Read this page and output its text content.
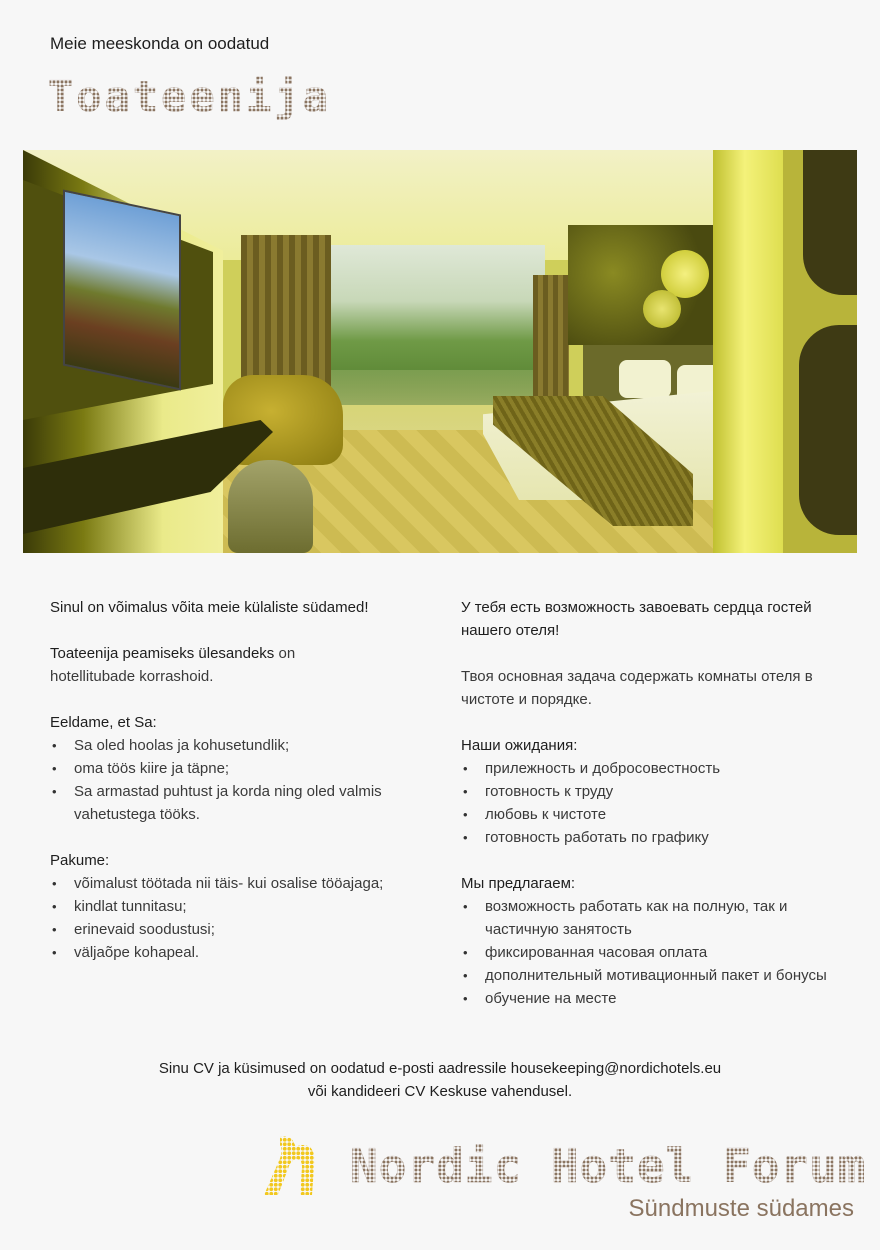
Meie meeskonda on oodatud
Toateenija

Sinul on võimalus võita meie külaliste südamed!

Toateenija peamiseks ülesandeks on
hotellitubade korrashoid.

Eeldame, et Sa:

• Sa oled hoolas ja kohusetundlik;
• oma töös kiire ja täpne;
• Sa armastad puhtust ja korda ning oled valmis vahetustega tööks.

Pakume:

• võimalust töötada nii täis- kui osalise tööajaga;
• kindlat tunnitasu;
• erinevaid soodustusi;
• väljaõpe kohapeal.

У тебя есть возможность завоевать сердца гостей нашего отеля!

Твоя основная задача содержать комнаты отеля в чистоте и порядке.

Наши ожидания:

• прилежность и добросовестность
• готовность к труду
• любовь к чистоте
• готовность работать по графику

Мы предлагаем:

• возможность работать как на полную, так и частичную занятость
• фиксированная часовая оплата
• дополнительный мотивационный пакет и бонусы
• обучение на месте
Sinu CV ja küsimused on oodatud e-posti aadressile housekeeping@nordichotels.eu
või kandideeri CV Keskuse vahendusel.
Nordic Hotel Forum
Sündmuste südames
